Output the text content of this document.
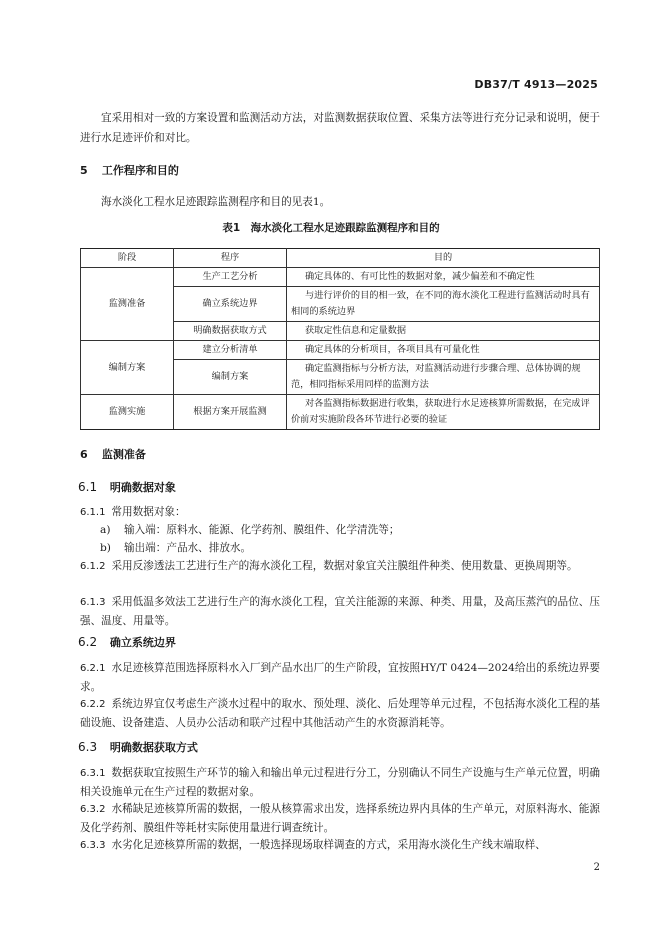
DB37/T 4913—2025
宜采用相对一致的方案设置和监测活动方法，对监测数据获取位置、采集方法等进行充分记录和说明，便于进行水足迹评价和对比。
5 工作程序和目的
海水淡化工程水足迹跟踪监测程序和目的见表1。
表1　海水淡化工程水足迹跟踪监测程序和目的
阶段	程序	目的
监测准备	生产工艺分析	确定具体的、有可比性的数据对象，减少偏差和不确定性
	确立系统边界	与进行评价的目的相一致，在不同的海水淡化工程进行监测活动时具有相同的系统边界
	明确数据获取方式	获取定性信息和定量数据
编制方案	建立分析清单	确定具体的分析项目，各项目具有可量化性
	编制方案	确定监测指标与分析方法，对监测活动进行步骤合理、总体协调的规范，相同指标采用同样的监测方法
监测实施	根据方案开展监测	对各监测指标数据进行收集，获取进行水足迹核算所需数据，在完成评价前对实施阶段各环节进行必要的验证
6 监测准备
6.1 明确数据对象
6.1.1 常用数据对象：
a) 输入端：原料水、能源、化学药剂、膜组件、化学清洗等；
b) 输出端：产品水、排放水。
6.1.2 采用反渗透法工艺进行生产的海水淡化工程，数据对象宜关注膜组件种类、使用数量、更换周期等。
6.1.3 采用低温多效法工艺进行生产的海水淡化工程，宜关注能源的来源、种类、用量，及高压蒸汽的品位、压强、温度、用量等。
6.2 确立系统边界
6.2.1 水足迹核算范围选择原料水入厂到产品水出厂的生产阶段，宜按照HY/T 0424—2024给出的系统边界要求。
6.2.2 系统边界宜仅考虑生产淡水过程中的取水、预处理、淡化、后处理等单元过程，不包括海水淡化工程的基础设施、设备建造、人员办公活动和联产过程中其他活动产生的水资源消耗等。
6.3 明确数据获取方式
6.3.1 数据获取宜按照生产环节的输入和输出单元过程进行分工，分别确认不同生产设施与生产单元位置，明确相关设施单元在生产过程的数据对象。
6.3.2 水稀缺足迹核算所需的数据，一般从核算需求出发，选择系统边界内具体的生产单元，对原料海水、能源及化学药剂、膜组件等耗材实际使用量进行调查统计。
6.3.3 水劣化足迹核算所需的数据，一般选择现场取样调查的方式，采用海水淡化生产线末端取样、
2
